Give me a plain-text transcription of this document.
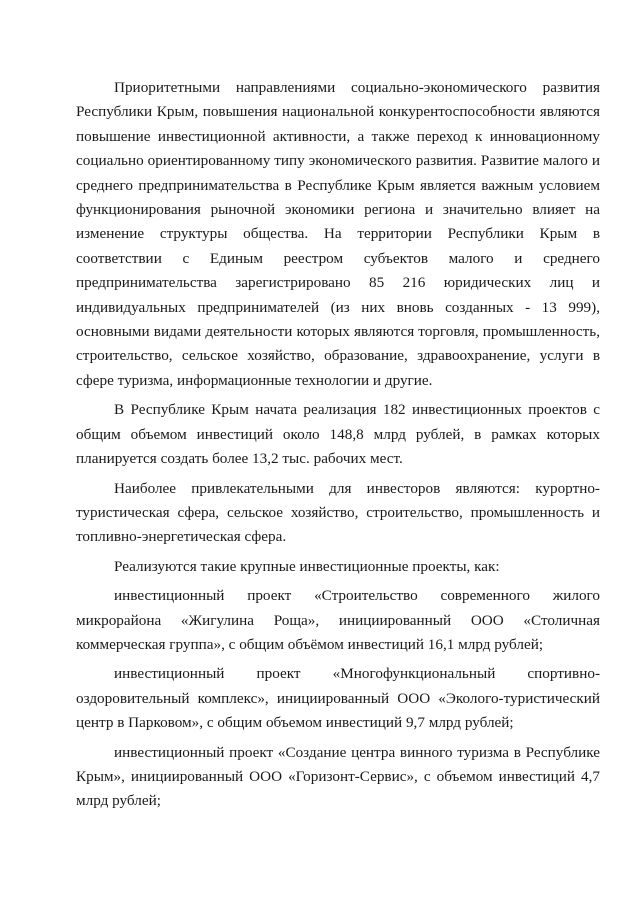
Приоритетными направлениями социально-экономического развития Республики Крым, повышения национальной конкурентоспособности являются повышение инвестиционной активности, а также переход к инновационному социально ориентированному типу экономического развития. Развитие малого и среднего предпринимательства в Республике Крым является важным условием функционирования рыночной экономики региона и значительно влияет на изменение структуры общества. На территории Республики Крым в соответствии с Единым реестром субъектов малого и среднего предпринимательства зарегистрировано 85 216 юридических лиц и индивидуальных предпринимателей (из них вновь созданных - 13 999), основными видами деятельности которых являются торговля, промышленность, строительство, сельское хозяйство, образование, здравоохранение, услуги в сфере туризма, информационные технологии и другие.

В Республике Крым начата реализация 182 инвестиционных проектов с общим объемом инвестиций около 148,8 млрд рублей, в рамках которых планируется создать более 13,2 тыс. рабочих мест.

Наиболее привлекательными для инвесторов являются: курортно-туристическая сфера, сельское хозяйство, строительство, промышленность и топливно-энергетическая сфера.

Реализуются такие крупные инвестиционные проекты, как:

инвестиционный проект «Строительство современного жилого микрорайона «Жигулина Роща», инициированный ООО «Столичная коммерческая группа», с общим объёмом инвестиций 16,1 млрд рублей;

инвестиционный проект «Многофункциональный спортивно-оздоровительный комплекс», инициированный ООО «Эколого-туристический центр в Парковом», с общим объемом инвестиций 9,7 млрд рублей;

инвестиционный проект «Создание центра винного туризма в Республике Крым», инициированный ООО «Горизонт-Сервис», с объемом инвестиций 4,7 млрд рублей;
